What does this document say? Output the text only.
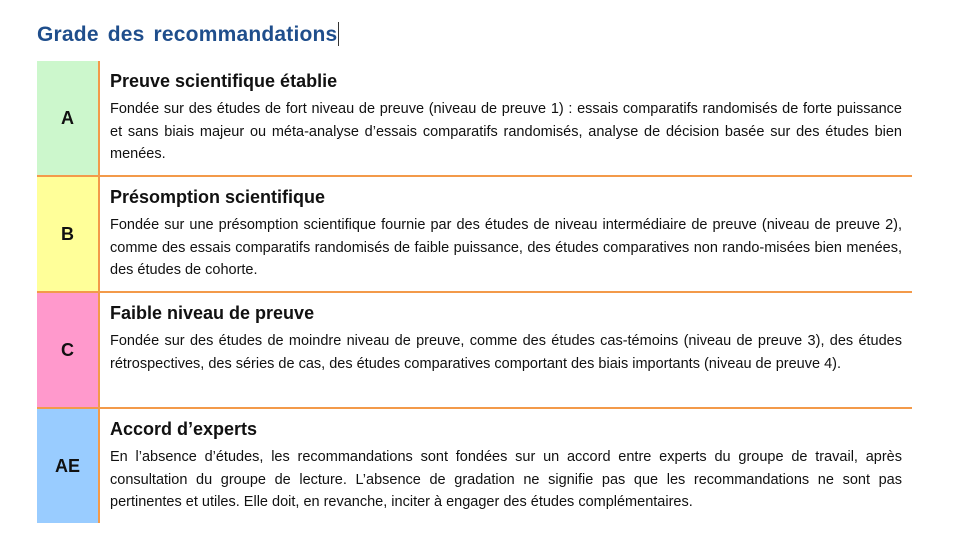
Grade des recommandations
A
Preuve scientifique établie
Fondée sur des études de fort niveau de preuve (niveau de preuve 1) : essais comparatifs randomisés de forte puissance et sans biais majeur ou méta-analyse d’essais comparatifs randomisés, analyse de décision basée sur des études bien menées.
B
Présomption scientifique
Fondée sur une présomption scientifique fournie par des études de niveau intermédiaire de preuve (niveau de preuve 2), comme des essais comparatifs randomisés de faible puissance, des études comparatives non rando-misées bien menées, des études de cohorte.
C
Faible niveau de preuve
Fondée sur des études de moindre niveau de preuve, comme des études cas-témoins (niveau de preuve 3), des études rétrospectives, des séries de cas, des études comparatives comportant des biais importants (niveau de preuve 4).
AE
Accord d’experts
En l’absence d’études, les recommandations sont fondées sur un accord entre experts du groupe de travail, après consultation du groupe de lecture. L’absence de gradation ne signifie pas que les recommandations ne sont pas pertinentes et utiles. Elle doit, en revanche, inciter à engager des études complémentaires.
